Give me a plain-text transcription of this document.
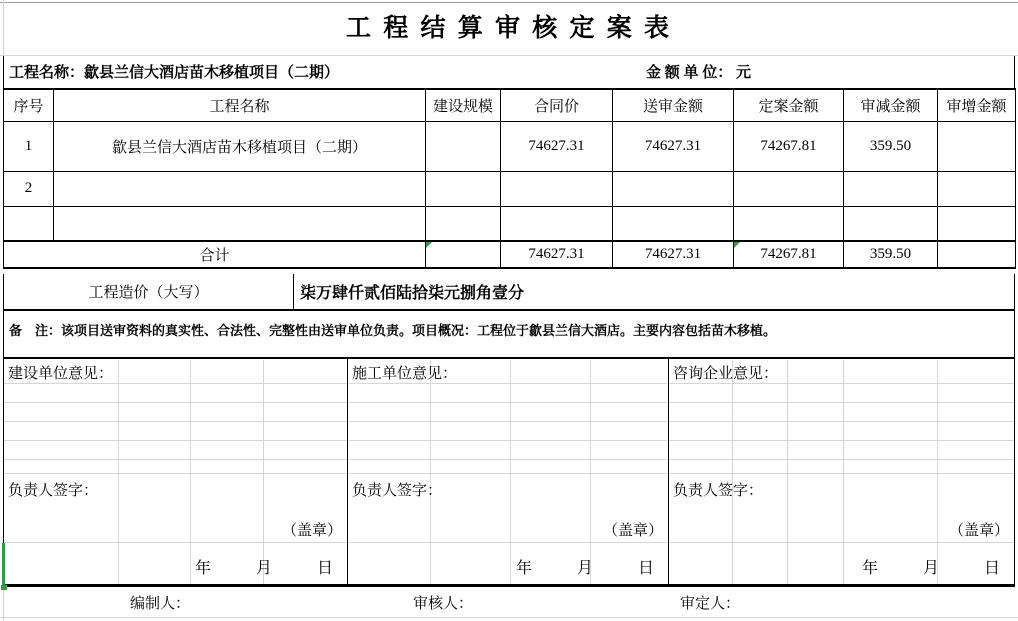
工 程 结 算 审 核 定 案 表
工程名称：歙县兰信大酒店苗木移植项目（二期）	金 额 单 位： 元
序号	工程名称	建设规模	合同价	送审金额	定案金额	审减金额	审增金额
1	歙县兰信大酒店苗木移植项目（二期）		74627.31	74627.31	74267.81	359.50	
2							

合计			74627.31	74627.31	74267.81	359.50	
工程造价（大写）	柒万肆仟贰佰陆拾柒元捌角壹分
备　注：该项目送审资料的真实性、合法性、完整性由送审单位负责。项目概况：工程位于歙县兰信大酒店。主要内容包括苗木移植。
建设单位意见：
负责人签字：
（盖章）
年	月	日
施工单位意见：
负责人签字：
（盖章）
年	月	日
咨询企业意见：
负责人签字：
（盖章）
年	月	日
编制人：	审核人：	审定人：
